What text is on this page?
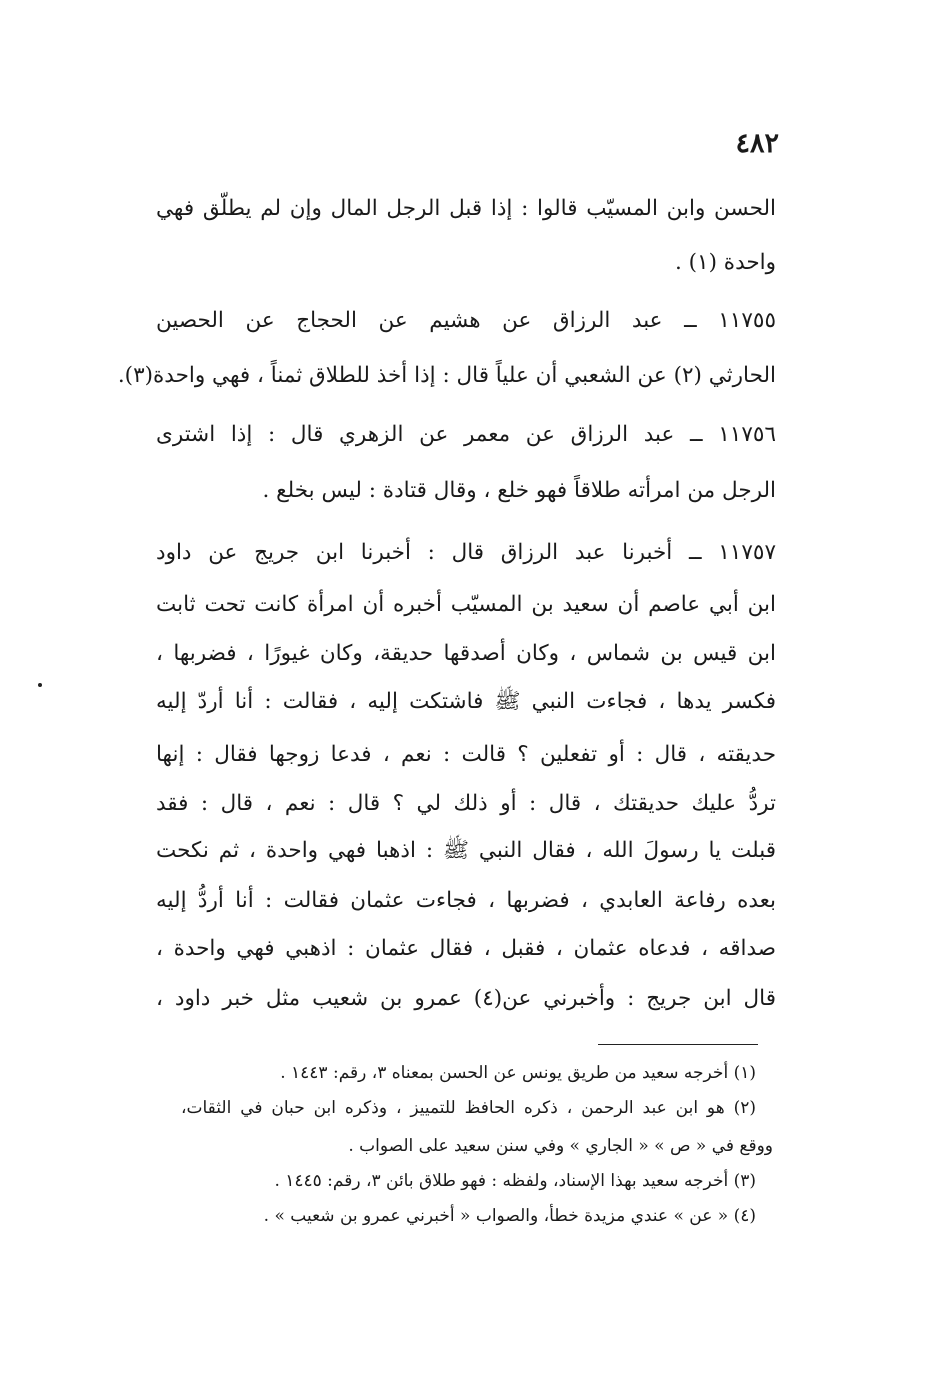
٤٨٢
الحسن وابن المسيّب قالوا : إذا قبل الرجل المال وإن لم يطلّق فهي
واحدة (١) .
١١٧٥٥ ــ عبد الرزاق عن هشيم عن الحجاج عن الحصين
الحارثي (٢) عن الشعبي أن علياً قال : إذا أخذ للطلاق ثمناً ، فهي واحدة(٣).
١١٧٥٦ ــ عبد الرزاق عن معمر عن الزهري قال : إذا اشترى
الرجل من امرأته طلاقاً فهو خلع ، وقال قتادة : ليس بخلع .
١١٧٥٧ ــ أخبرنا عبد الرزاق قال : أخبرنا ابن جريج عن داود
ابن أبي عاصم أن سعيد بن المسيّب أخبره أن امرأة كانت تحت ثابت
ابن قيس بن شماس ، وكان أصدقها حديقة، وكان غيورًا ، فضربها ،
فكسر يدها ، فجاءت النبي ﷺ فاشتكت إليه ، فقالت : أنا أردّ إليه
حديقته ، قال : أو تفعلين ؟ قالت : نعم ، فدعا زوجها فقال : إنها
تردُّ عليك حديقتك ، قال : أو ذلك لي ؟ قال : نعم ، قال : فقد
قبلت يا رسولَ الله ، فقال النبي ﷺ : اذهبا فهي واحدة ، ثم نكحت
بعده رفاعة العابدي ، فضربها ، فجاءت عثمان فقالت : أنا أردُّ إليه
صداقه ، فدعاه عثمان ، فقبل ، فقال عثمان : اذهبي فهي واحدة ،
قال ابن جريج : وأخبرني عن(٤) عمرو بن شعيب مثل خبر داود ،
(١) أخرجه سعيد من طريق يونس عن الحسن بمعناه ٣، رقم: ١٤٤٣ .
(٢) هو ابن عبد الرحمن ، ذكره الحافظ للتمييز ، وذكره ابن حبان في الثقات،
ووقع في « ص » « الجاري » وفي سنن سعيد على الصواب .
(٣) أخرجه سعيد بهذا الإسناد، ولفظه : فهو طلاق بائن ٣، رقم: ١٤٤٥ .
(٤) « عن » عندي مزيدة خطأ، والصواب « أخبرني عمرو بن شعيب » .
